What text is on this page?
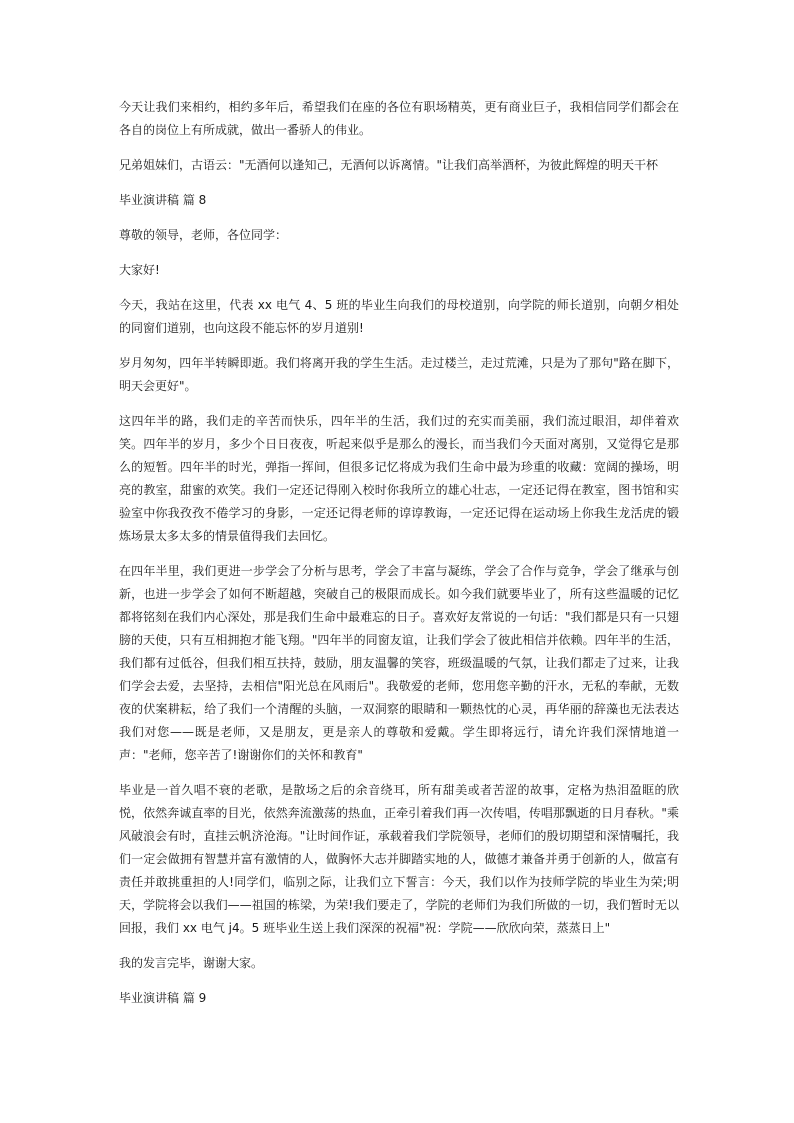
今天让我们来相约，相约多年后，希望我们在座的各位有职场精英，更有商业巨子，我相信同学们都会在各自的岗位上有所成就，做出一番骄人的伟业。

兄弟姐妹们，古语云："无酒何以逢知己，无酒何以诉离情。"让我们高举酒杯，为彼此辉煌的明天干杯

毕业演讲稿 篇 8

尊敬的领导，老师，各位同学：

大家好!

今天，我站在这里，代表 xx 电气 4、5 班的毕业生向我们的母校道别，向学院的师长道别，向朝夕相处的同窗们道别，也向这段不能忘怀的岁月道别!

岁月匆匆，四年半转瞬即逝。我们将离开我的学生生活。走过楼兰，走过荒滩，只是为了那句"路在脚下，明天会更好"。

这四年半的路，我们走的辛苦而快乐，四年半的生活，我们过的充实而美丽，我们流过眼泪，却伴着欢笑。四年半的岁月，多少个日日夜夜，听起来似乎是那么的漫长，而当我们今天面对离别，又觉得它是那么的短暂。四年半的时光，弹指一挥间，但很多记忆将成为我们生命中最为珍重的收藏：宽阔的操场，明亮的教室，甜蜜的欢笑。我们一定还记得刚入校时你我所立的雄心壮志，一定还记得在教室，图书馆和实验室中你我孜孜不倦学习的身影，一定还记得老师的谆谆教诲，一定还记得在运动场上你我生龙活虎的锻炼场景太多太多的情景值得我们去回忆。

在四年半里，我们更进一步学会了分析与思考，学会了丰富与凝练，学会了合作与竞争，学会了继承与创新，也进一步学会了如何不断超越，突破自己的极限而成长。如今我们就要毕业了，所有这些温暖的记忆都将铭刻在我们内心深处，那是我们生命中最难忘的日子。喜欢好友常说的一句话："我们都是只有一只翅膀的天使，只有互相拥抱才能飞翔。"四年半的同窗友谊，让我们学会了彼此相信并依赖。四年半的生活，我们都有过低谷，但我们相互扶持，鼓励，朋友温馨的笑容，班级温暖的气氛，让我们都走了过来，让我们学会去爱，去坚持，去相信"阳光总在风雨后"。我敬爱的老师，您用您辛勤的汗水，无私的奉献，无数夜的伏案耕耘，给了我们一个清醒的头脑，一双洞察的眼睛和一颗热忱的心灵，再华丽的辞藻也无法表达我们对您——既是老师，又是朋友，更是亲人的尊敬和爱戴。学生即将远行，请允许我们深情地道一声："老师，您辛苦了!谢谢你们的关怀和教育"

毕业是一首久唱不衰的老歌，是散场之后的余音绕耳，所有甜美或者苦涩的故事，定格为热泪盈眶的欣悦，依然奔诚直率的目光，依然奔流激荡的热血，正牵引着我们再一次传唱，传唱那飘逝的日月春秋。"乘风破浪会有时，直挂云帆济沧海。"让时间作证，承载着我们学院领导，老师们的殷切期望和深情嘱托，我们一定会做拥有智慧并富有激情的人，做胸怀大志并脚踏实地的人，做德才兼备并勇于创新的人，做富有责任并敢挑重担的人!同学们，临别之际，让我们立下誓言：今天，我们以作为技师学院的毕业生为荣;明天，学院将会以我们——祖国的栋梁，为荣!我们要走了，学院的老师们为我们所做的一切，我们暂时无以回报，我们 xx 电气 j4。5 班毕业生送上我们深深的祝福"祝：学院——欣欣向荣，蒸蒸日上"

我的发言完毕，谢谢大家。

毕业演讲稿 篇 9
